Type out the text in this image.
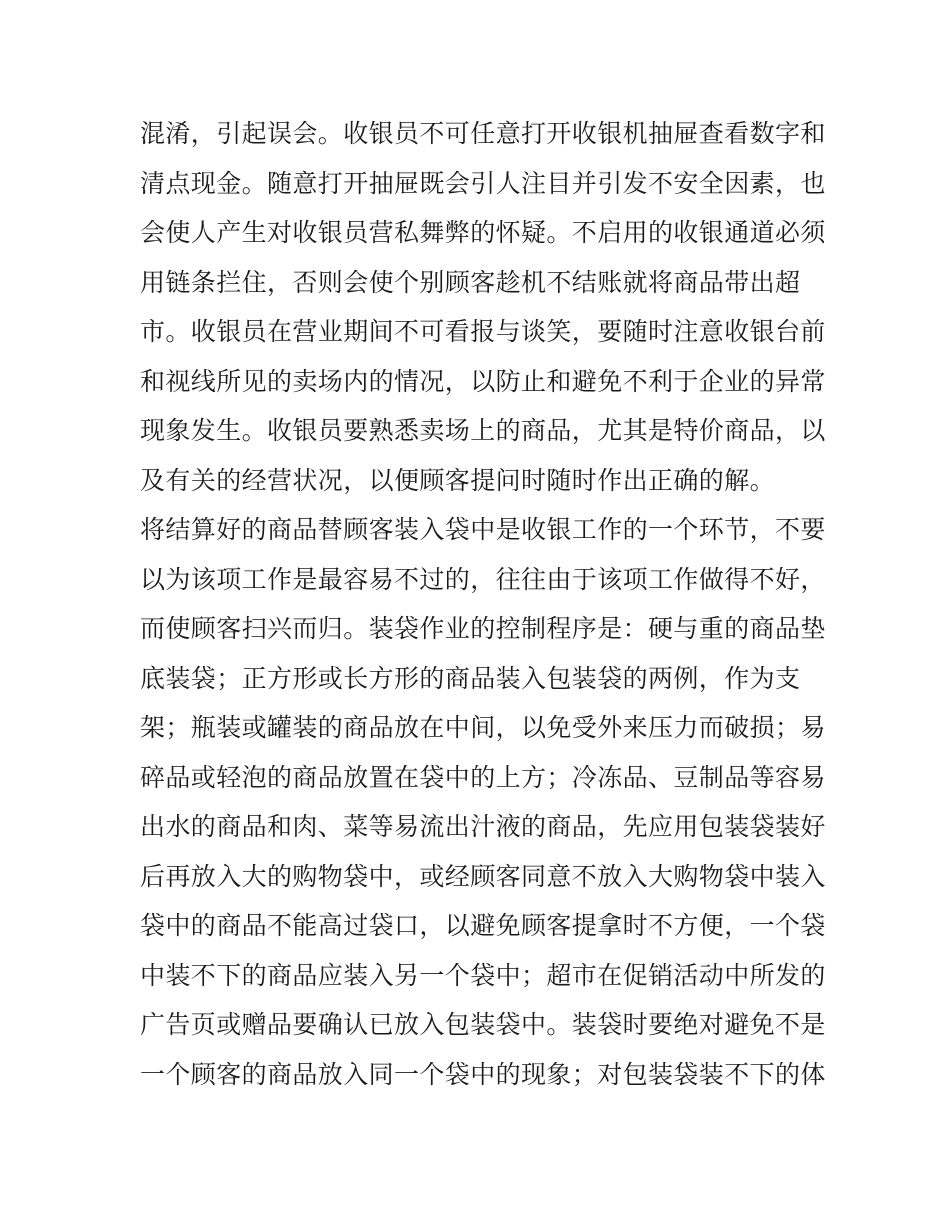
混淆，引起误会。收银员不可任意打开收银机抽屉查看数字和
清点现金。随意打开抽屉既会引人注目并引发不安全因素，也
会使人产生对收银员营私舞弊的怀疑。不启用的收银通道必须
用链条拦住，否则会使个别顾客趁机不结账就将商品带出超
市。收银员在营业期间不可看报与谈笑，要随时注意收银台前
和视线所见的卖场内的情况，以防止和避免不利于企业的异常
现象发生。收银员要熟悉卖场上的商品，尤其是特价商品，以
及有关的经营状况，以便顾客提问时随时作出正确的解。
将结算好的商品替顾客装入袋中是收银工作的一个环节，不要
以为该项工作是最容易不过的，往往由于该项工作做得不好，
而使顾客扫兴而归。装袋作业的控制程序是：硬与重的商品垫
底装袋；正方形或长方形的商品装入包装袋的两例，作为支
架；瓶装或罐装的商品放在中间，以免受外来压力而破损；易
碎品或轻泡的商品放置在袋中的上方；冷冻品、豆制品等容易
出水的商品和肉、菜等易流出汁液的商品，先应用包装袋装好
后再放入大的购物袋中，或经顾客同意不放入大购物袋中装入
袋中的商品不能高过袋口，以避免顾客提拿时不方便，一个袋
中装不下的商品应装入另一个袋中；超市在促销活动中所发的
广告页或赠品要确认已放入包装袋中。装袋时要绝对避免不是
一个顾客的商品放入同一个袋中的现象；对包装袋装不下的体
